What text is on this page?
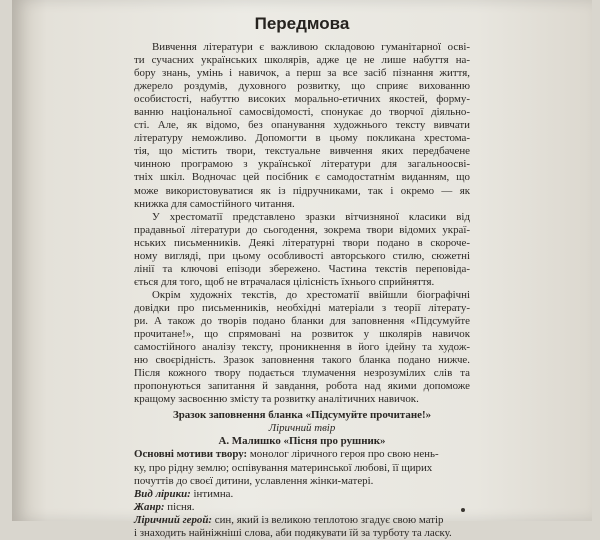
Передмова
Вивчення літератури є важливою складовою гуманітарної осві-
ти сучасних українських школярів, адже це не лише набуття на-
бору знань, умінь і навичок, а перш за все засіб пізнання життя,
джерело роздумів, духовного розвитку, що сприяє вихованню
особистості, набуттю високих морально-етичних якостей, форму-
ванню національної самосвідомості, спонукає до творчої діяльно-
сті. Але, як відомо, без опанування художнього тексту вивчати
літературу неможливо. Допомогти в цьому покликана хрестома-
тія, що містить твори, текстуальне вивчення яких передбачене
чинною програмою з української літератури для загальноосві-
тніх шкіл. Водночас цей посібник є самодостатнім виданням, що
може використовуватися як із підручниками, так і окремо — як
книжка для самостійного читання.
У хрестоматії представлено зразки вітчизняної класики від
прадавньої літератури до сьогодення, зокрема твори відомих украї-
нських письменників. Деякі літературні твори подано в скороче-
ному вигляді, при цьому особливості авторського стилю, сюжетні
лінії та ключові епізоди збережено. Частина текстів переповіда-
ється для того, щоб не втрачалася цілісність їхнього сприйняття.
Окрім художніх текстів, до хрестоматії ввійшли біографічні
довідки про письменників, необхідні матеріали з теорії літерату-
ри. А також до творів подано бланки для заповнення «Підсумуйте
прочитане!», що спрямовані на розвиток у школярів навичок
самостійного аналізу тексту, проникнення в його ідейну та худож-
ню своєрідність. Зразок заповнення такого бланка подано нижче.
Після кожного твору подається тлумачення незрозумілих слів та
пропонуються запитання й завдання, робота над якими допоможе
кращому засвоєнню змісту та розвитку аналітичних навичок.
Зразок заповнення бланка «Підсумуйте прочитане!»
Ліричний твір
А. Малишко «Пісня про рушник»
Основні мотиви твору: монолог ліричного героя про свою нень-
ку, про рідну землю; оспівування материнської любові, її щирих
почуттів до своєї дитини, уславлення жінки-матері.
Вид лірики: інтимна.
Жанр: пісня.
Ліричний герой: син, який із великою теплотою згадує свою матір
і знаходить найніжніші слова, аби подякувати їй за турботу та ласку.
